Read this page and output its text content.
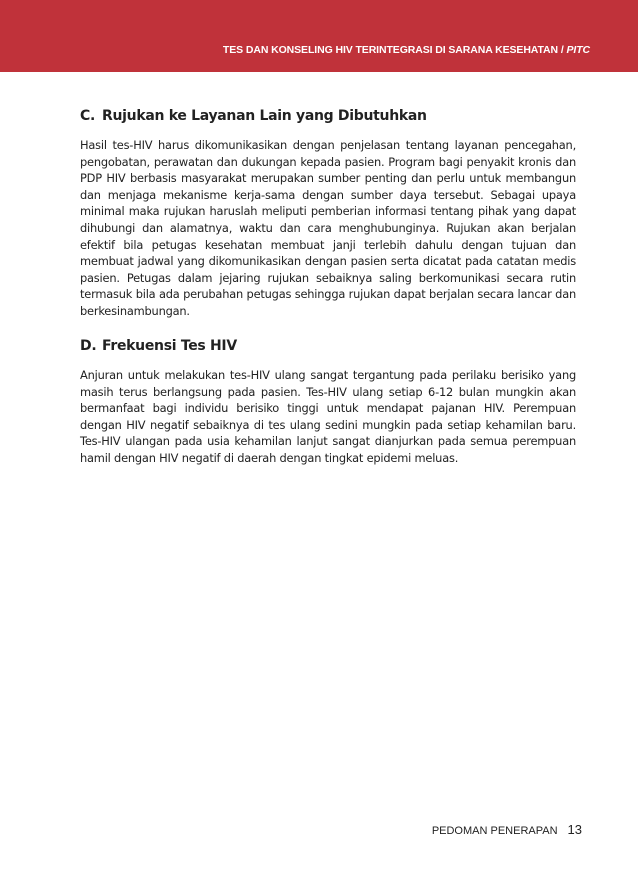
TES DAN KONSELING HIV TERINTEGRASI DI SARANA KESEHATAN / PITC
C. Rujukan ke Layanan Lain yang Dibutuhkan

Hasil tes-HIV harus dikomunikasikan dengan penjelasan tentang layanan pencegahan, pengobatan, perawatan dan dukungan kepada pasien. Program bagi penyakit kronis dan PDP HIV berbasis masyarakat merupakan sumber penting dan perlu untuk membangun dan menjaga mekanisme kerja-sama dengan sumber daya tersebut. Sebagai upaya minimal maka rujukan haruslah meliputi pemberian informasi tentang pihak yang dapat dihubungi dan alamatnya, waktu dan cara menghubunginya. Rujukan akan berjalan efektif bila petugas kesehatan membuat janji terlebih dahulu dengan tujuan dan membuat jadwal yang dikomunikasikan dengan pasien serta dicatat pada catatan medis pasien. Petugas dalam jejaring rujukan sebaiknya saling berkomunikasi secara rutin termasuk bila ada perubahan petugas sehingga rujukan dapat berjalan secara lancar dan berkesinambungan.

D. Frekuensi Tes HIV

Anjuran untuk melakukan tes-HIV ulang sangat tergantung pada perilaku berisiko yang masih terus berlangsung pada pasien. Tes-HIV ulang setiap 6-12 bulan mungkin akan bermanfaat bagi individu berisiko tinggi untuk mendapat pajanan HIV. Perempuan dengan HIV negatif sebaiknya di tes ulang sedini mungkin pada setiap kehamilan baru. Tes-HIV ulangan pada usia kehamilan lanjut sangat dianjurkan pada semua perempuan hamil dengan HIV negatif di daerah dengan tingkat epidemi meluas.

PEDOMAN PENERAPAN 13
